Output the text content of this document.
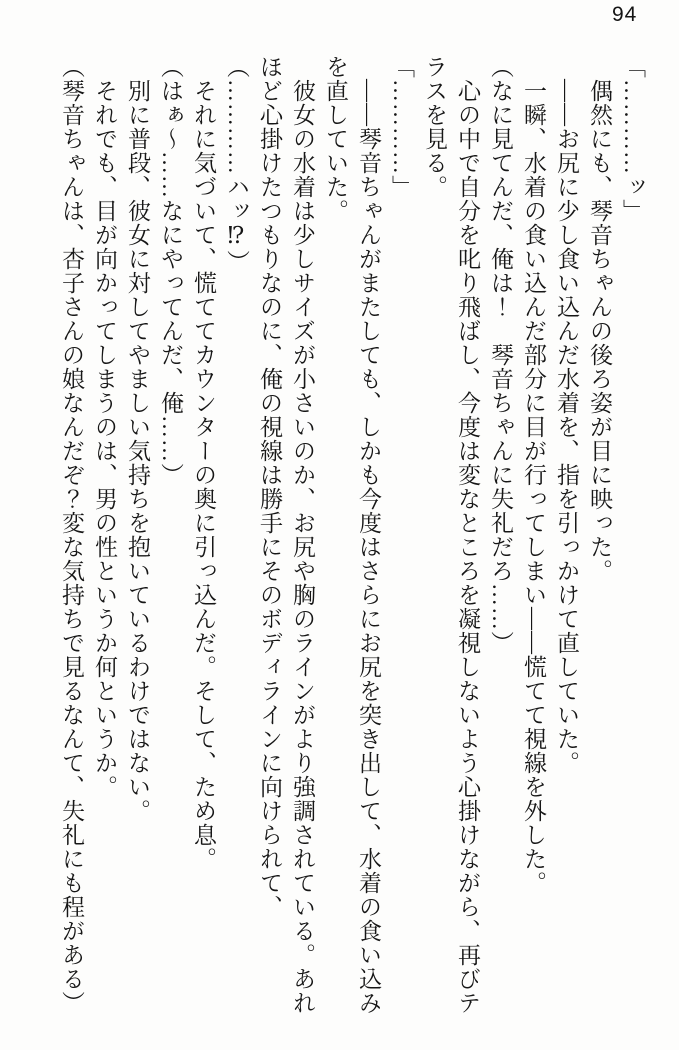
94

「…………ッ」

　偶然にも、琴音ちゃんの後ろ姿が目に映った。

　――お尻に少し食い込んだ水着を、指を引っかけて直していた。

　一瞬、水着の食い込んだ部分に目が行ってしまい――慌てて視線を外した。

（なに見てんだ、俺は！　琴音ちゃんに失礼だろ……）

　心の中で自分を叱り飛ばし、今度は変なところを凝視しないよう心掛けながら、再びテラスを見る。

「…………」

　――琴音ちゃんがまたしても、しかも今度はさらにお尻を突き出して、水着の食い込みを直していた。

　彼女の水着は少しサイズが小さいのか、お尻や胸のラインがより強調されている。あれほど心掛けたつもりなのに、俺の視線は勝手にそのボディラインに向けられて、

（…………ハッ⁉）

　それに気づいて、慌ててカウンターの奥に引っ込んだ。そして、ため息。

（はぁ～……なにやってんだ、俺……）

　別に普段、彼女に対してやましい気持ちを抱いているわけではない。

　それでも、目が向かってしまうのは、男の性というか何というか。

（琴音ちゃんは、杏子さんの娘なんだぞ？変な気持ちで見るなんて、失礼にも程がある）
